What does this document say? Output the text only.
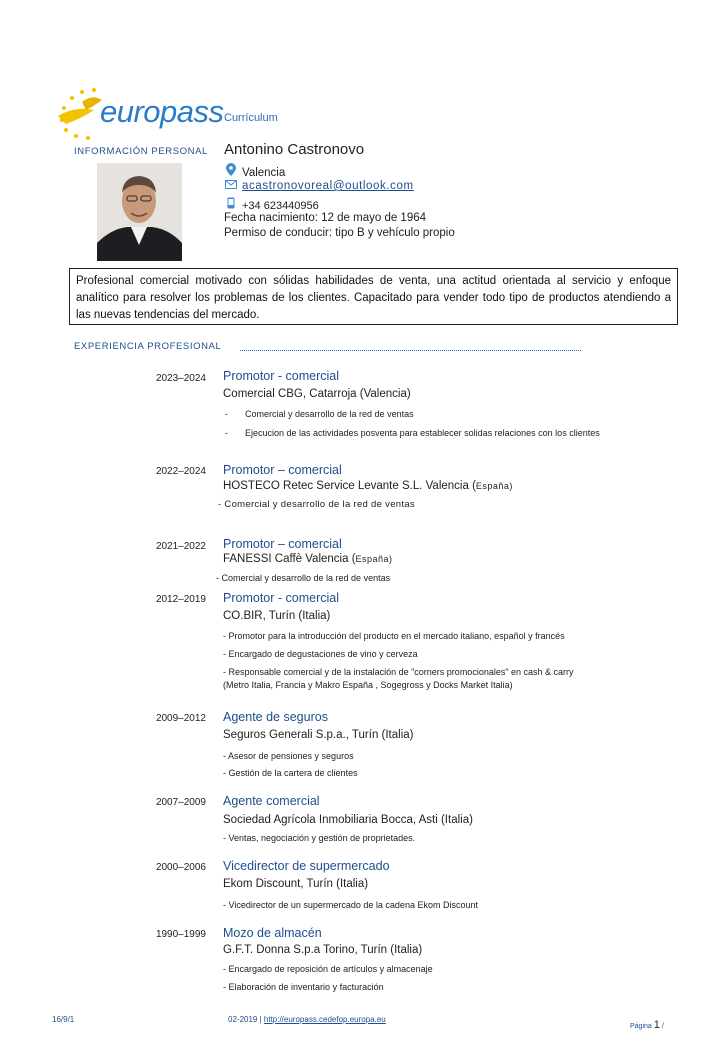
europass Currículum
INFORMACIÓN PERSONAL Antonino Castronovo
Valencia
acastronovoreal@outlook.com
+34 623440956
Fecha nacimiento: 12 de mayo de 1964
Permiso de conducir: tipo B y vehículo propio
Profesional comercial motivado con sólidas habilidades de venta, una actitud orientada al servicio y enfoque analítico para resolver los problemas de los clientes. Capacitado para vender todo tipo de productos atendiendo a las nuevas tendencias del mercado.
EXPERIENCIA PROFESIONAL
2023–2024 Promotor - comercial
Comercial CBG, Catarroja (Valencia)
- Comercial y desarrollo de la red de ventas
- Ejecucion de las actividades posventa para establecer solidas relaciones con los clientes
2022–2024 Promotor – comercial
HOSTECO Retec Service Levante S.L. Valencia (España)
- Comercial y desarrollo de la red de ventas
2021–2022 Promotor – comercial
FANESSI Caffè Valencia (España)
- Comercial y desarrollo de la red de ventas
2012–2019 Promotor - comercial
CO.BIR, Turín (Italia)
- Promotor para la introducción del producto en el mercado italiano, español y francés
- Encargado de degustaciones de vino y cerveza
- Responsable comercial y de la instalación de "corners promocionales" en cash & carry
(Metro Italia, Francia y Makro España , Sogegross y Docks Market Italia)
2009–2012 Agente de seguros
Seguros Generali S.p.a., Turín (Italia)
- Asesor de pensiones y seguros
- Gestión de la cartera de clientes
2007–2009 Agente comercial
Sociedad Agrícola Inmobiliaria Bocca, Asti (Italia)
- Ventas, negociación y gestión de proprietades.
2000–2006 Vicedirector de supermercado
Ekom Discount, Turín (Italia)
- Vicedirector de un supermercado de la cadena Ekom Discount
1990–1999 Mozo de almacén
G.F.T. Donna S.p.a Torino, Turín (Italia)
- Encargado de reposición de artículos y almacenaje
- Elaboración de inventario y facturación
16/9/1	02-2019 | http://europass.cedefop.europa.eu
Página 1 /
